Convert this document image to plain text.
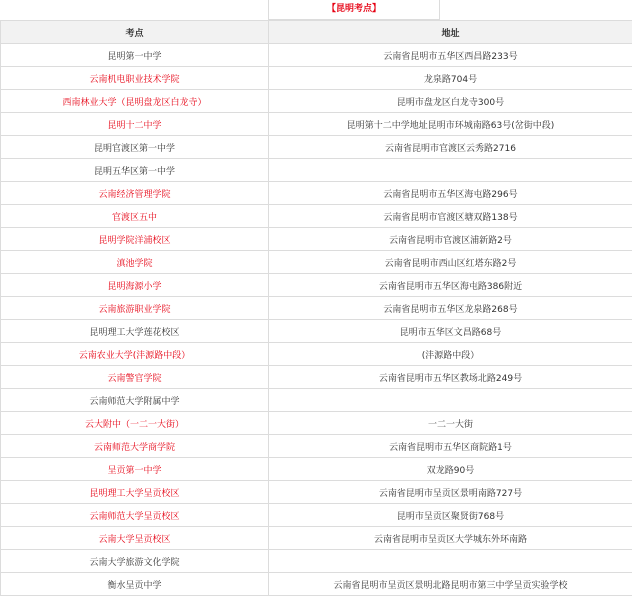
【昆明考点】
考点	地址
昆明第一中学	云南省昆明市五华区西昌路233号
云南机电职业技术学院	龙泉路704号
西南林业大学（昆明盘龙区白龙寺）	昆明市盘龙区白龙寺300号
昆明十二中学	昆明第十二中学地址昆明市环城南路63号(岔街中段)
昆明官渡区第一中学	云南省昆明市官渡区云秀路2716
昆明五华区第一中学	
云南经济管理学院	云南省昆明市五华区海屯路296号
官渡区五中	云南省昆明市官渡区塘双路138号
昆明学院洋浦校区	云南省昆明市官渡区浦新路2号
滇池学院	云南省昆明市西山区红塔东路2号
昆明海源小学	云南省昆明市五华区海屯路386附近
云南旅游职业学院	云南省昆明市五华区龙泉路268号
昆明理工大学莲花校区	昆明市五华区文昌路68号
云南农业大学(沣源路中段）	(沣源路中段）
云南警官学院	云南省昆明市五华区教场北路249号
云南师范大学附属中学	
云大附中（一二一大街）	一二一大街
云南师范大学商学院	云南省昆明市五华区商院路1号
呈贡第一中学	双龙路90号
昆明理工大学呈贡校区	云南省昆明市呈贡区景明南路727号
云南师范大学呈贡校区	昆明市呈贡区聚贤街768号
云南大学呈贡校区	云南省昆明市呈贡区大学城东外环南路
云南大学旅游文化学院	
衡水呈贡中学	云南省昆明市呈贡区景明北路昆明市第三中学呈贡实验学校
